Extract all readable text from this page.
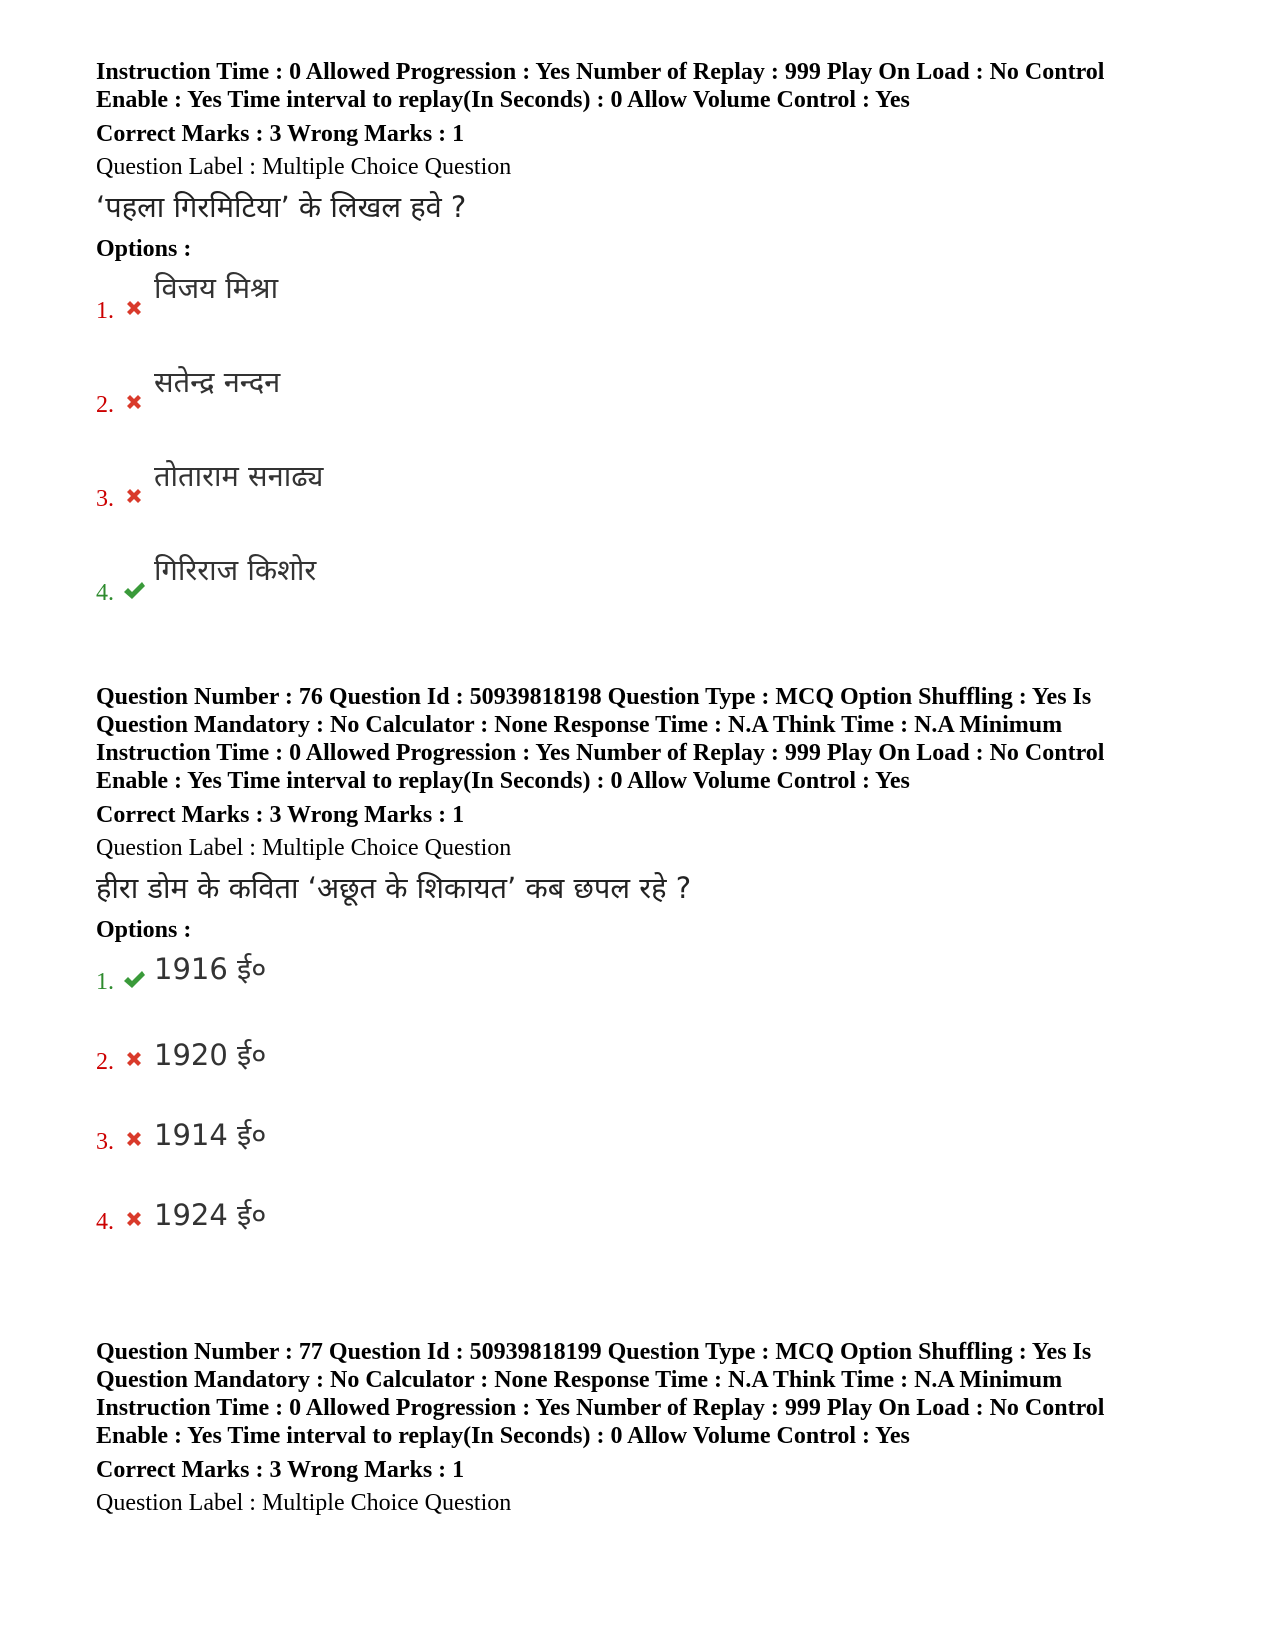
Instruction Time : 0 Allowed Progression : Yes Number of Replay : 999 Play On Load : No Control
Enable : Yes Time interval to replay(In Seconds) : 0 Allow Volume Control : Yes

Correct Marks : 3 Wrong Marks : 1
Question Label : Multiple Choice Question
‘पहला गिरमिटिया’ के लिखल हवे ?
Options :
1.
विजय मिश्रा
2.
सतेन्द्र नन्दन
3.
तोताराम सनाढ्य
4.
गिरिराज किशोर

Question Number : 76 Question Id : 50939818198 Question Type : MCQ Option Shuffling : Yes Is
Question Mandatory : No Calculator : None Response Time : N.A Think Time : N.A Minimum
Instruction Time : 0 Allowed Progression : Yes Number of Replay : 999 Play On Load : No Control
Enable : Yes Time interval to replay(In Seconds) : 0 Allow Volume Control : Yes

Correct Marks : 3 Wrong Marks : 1
Question Label : Multiple Choice Question
हीरा डोम के कविता ‘अछूत के शिकायत’ कब छपल रहे ?
Options :
1. 1916 ई०
2. 1920 ई०
3. 1914 ई०
4. 1924 ई०

Question Number : 77 Question Id : 50939818199 Question Type : MCQ Option Shuffling : Yes Is
Question Mandatory : No Calculator : None Response Time : N.A Think Time : N.A Minimum
Instruction Time : 0 Allowed Progression : Yes Number of Replay : 999 Play On Load : No Control
Enable : Yes Time interval to replay(In Seconds) : 0 Allow Volume Control : Yes

Correct Marks : 3 Wrong Marks : 1
Question Label : Multiple Choice Question
